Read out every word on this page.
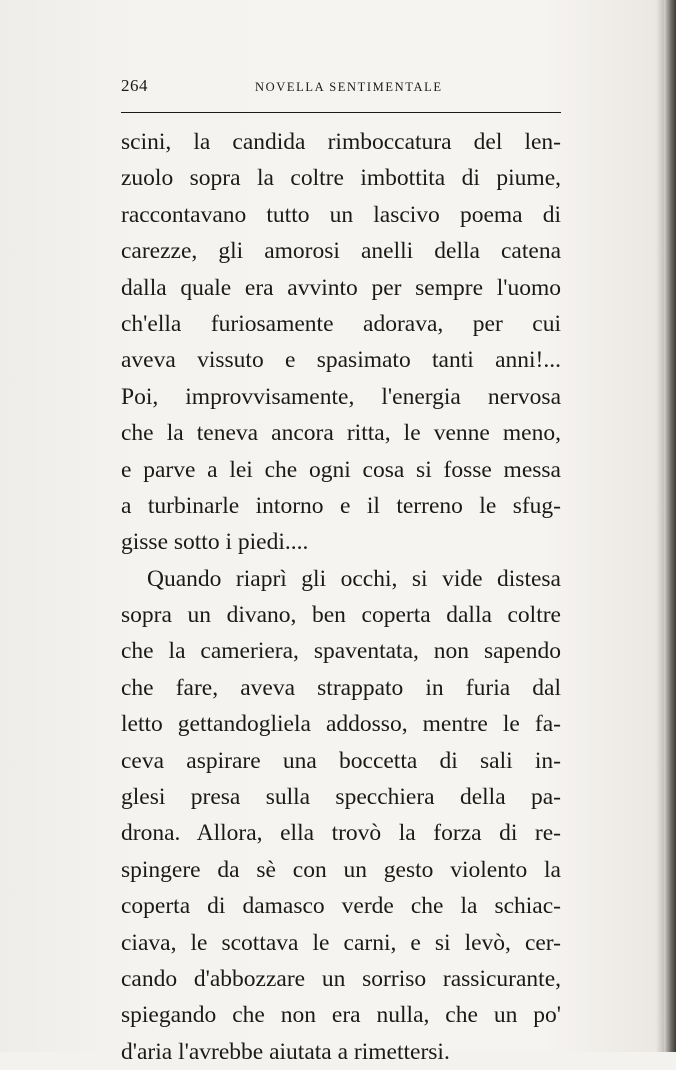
264	NOVELLA SENTIMENTALE
scini, la candida rimboccatura del len-
zuolo sopra la coltre imbottita di piume,
raccontavano tutto un lascivo poema di
carezze, gli amorosi anelli della catena
dalla quale era avvinto per sempre l'uomo
ch'ella furiosamente adorava, per cui
aveva vissuto e spasimato tanti anni!...
Poi, improvvisamente, l'energia nervosa
che la teneva ancora ritta, le venne meno,
e parve a lei che ogni cosa si fosse messa
a turbinarle intorno e il terreno le sfug-
gisse sotto i piedi....
Quando riaprì gli occhi, si vide distesa
sopra un divano, ben coperta dalla coltre
che la cameriera, spaventata, non sapendo
che fare, aveva strappato in furia dal
letto gettandogliela addosso, mentre le fa-
ceva aspirare una boccetta di sali in-
glesi presa sulla specchiera della pa-
drona. Allora, ella trovò la forza di re-
spingere da sè con un gesto violento la
coperta di damasco verde che la schiac-
ciava, le scottava le carni, e si levò, cer-
cando d'abbozzare un sorriso rassicurante,
spiegando che non era nulla, che un po'
d'aria l'avrebbe aiutata a rimettersi.
